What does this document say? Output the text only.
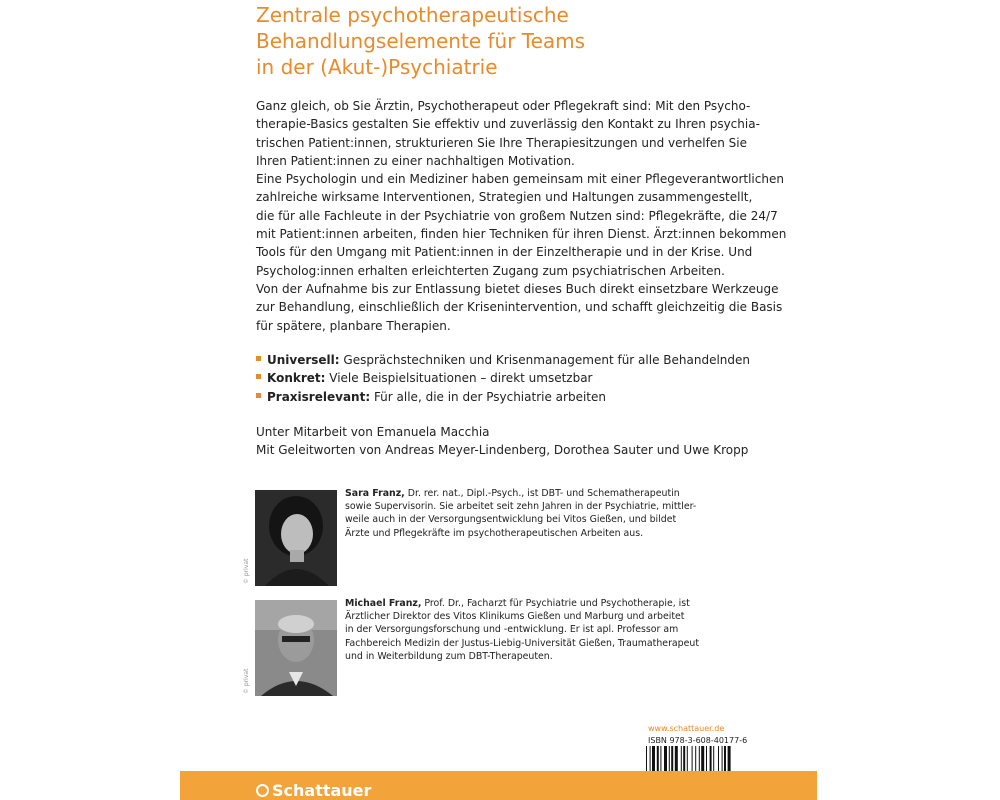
Zentrale psychotherapeutische
Behandlungselemente für Teams
in der (Akut-)Psychiatrie
Ganz gleich, ob Sie Ärztin, Psychotherapeut oder Pflegekraft sind: Mit den Psycho-
therapie-Basics gestalten Sie effektiv und zuverlässig den Kontakt zu Ihren psychia-
trischen Patient:innen, strukturieren Sie Ihre Therapiesitzungen und verhelfen Sie
Ihren Patient:innen zu einer nachhaltigen Motivation.
Eine Psychologin und ein Mediziner haben gemeinsam mit einer Pflegeverantwortlichen
zahlreiche wirksame Interventionen, Strategien und Haltungen zusammengestellt,
die für alle Fachleute in der Psychiatrie von großem Nutzen sind: Pflegekräfte, die 24/7
mit Patient:innen arbeiten, finden hier Techniken für ihren Dienst. Ärzt:innen bekommen
Tools für den Umgang mit Patient:innen in der Einzeltherapie und in der Krise. Und
Psycholog:innen erhalten erleichterten Zugang zum psychiatrischen Arbeiten.
Von der Aufnahme bis zur Entlassung bietet dieses Buch direkt einsetzbare Werkzeuge
zur Behandlung, einschließlich der Krisenintervention, und schafft gleichzeitig die Basis
für spätere, planbare Therapien.
Universell: Gesprächstechniken und Krisenmanagement für alle Behandelnden
Konkret: Viele Beispielsituationen – direkt umsetzbar
Praxisrelevant: Für alle, die in der Psychiatrie arbeiten
Unter Mitarbeit von Emanuela Macchia
Mit Geleitworten von Andreas Meyer-Lindenberg, Dorothea Sauter und Uwe Kropp
© privat
Sara Franz, Dr. rer. nat., Dipl.-Psych., ist DBT- und Schematherapeutin
sowie Supervisorin. Sie arbeitet seit zehn Jahren in der Psychiatrie, mittler-
weile auch in der Versorgungsentwicklung bei Vitos Gießen, und bildet
Ärzte und Pflegekräfte im psychotherapeutischen Arbeiten aus.
© privat
Michael Franz, Prof. Dr., Facharzt für Psychiatrie und Psychotherapie, ist
Ärztlicher Direktor des Vitos Klinikums Gießen und Marburg und arbeitet
in der Versorgungsforschung und -entwicklung. Er ist apl. Professor am
Fachbereich Medizin der Justus-Liebig-Universität Gießen, Traumatherapeut
und in Weiterbildung zum DBT-Therapeuten.
www.schattauer.de
ISBN 978-3-608-40177-6
Schattauer
